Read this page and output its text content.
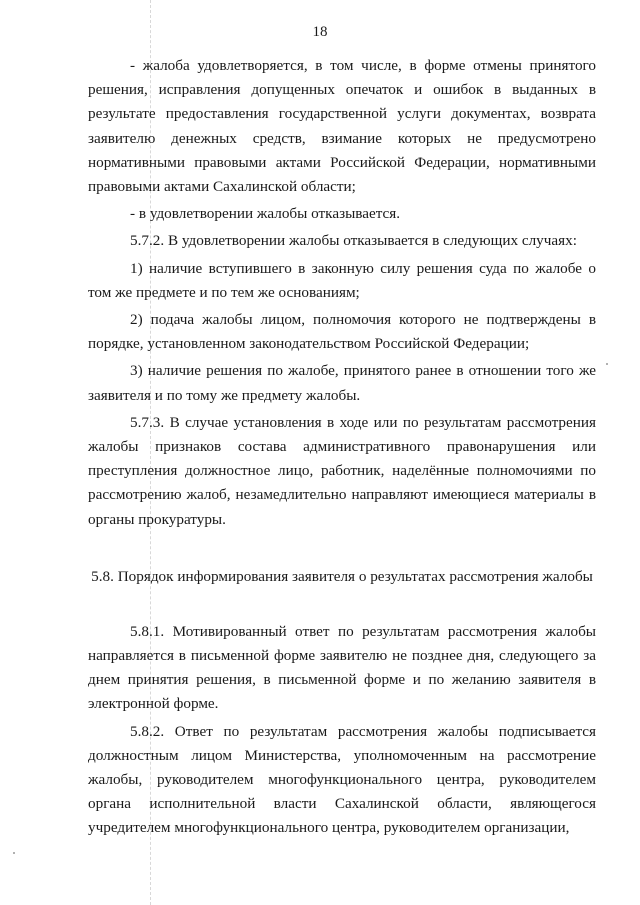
18

- жалоба удовлетворяется, в том числе, в форме отмены принятого решения, исправления допущенных опечаток и ошибок в выданных в результате предоставления государственной услуги документах, возврата заявителю денежных средств, взимание которых не предусмотрено нормативными правовыми актами Российской Федерации, нормативными правовыми актами Сахалинской области;

- в удовлетворении жалобы отказывается.

5.7.2. В удовлетворении жалобы отказывается в следующих случаях:

1) наличие вступившего в законную силу решения суда по жалобе о том же предмете и по тем же основаниям;

2) подача жалобы лицом, полномочия которого не подтверждены в порядке, установленном законодательством Российской Федерации;

3) наличие решения по жалобе, принятого ранее в отношении того же заявителя и по тому же предмету жалобы.

5.7.3. В случае установления в ходе или по результатам рассмотрения жалобы признаков состава административного правонарушения или преступления должностное лицо, работник, наделённые полномочиями по рассмотрению жалоб, незамедлительно направляют имеющиеся материалы в органы прокуратуры.

5.8. Порядок информирования заявителя о результатах рассмотрения жалобы

5.8.1. Мотивированный ответ по результатам рассмотрения жалобы направляется в письменной форме заявителю не позднее дня, следующего за днем принятия решения, в письменной форме и по желанию заявителя в электронной форме.

5.8.2. Ответ по результатам рассмотрения жалобы подписывается должностным лицом Министерства, уполномоченным на рассмотрение жалобы, руководителем многофункционального центра, руководителем органа исполнительной власти Сахалинской области, являющегося учредителем многофункционального центра, руководителем организации,
